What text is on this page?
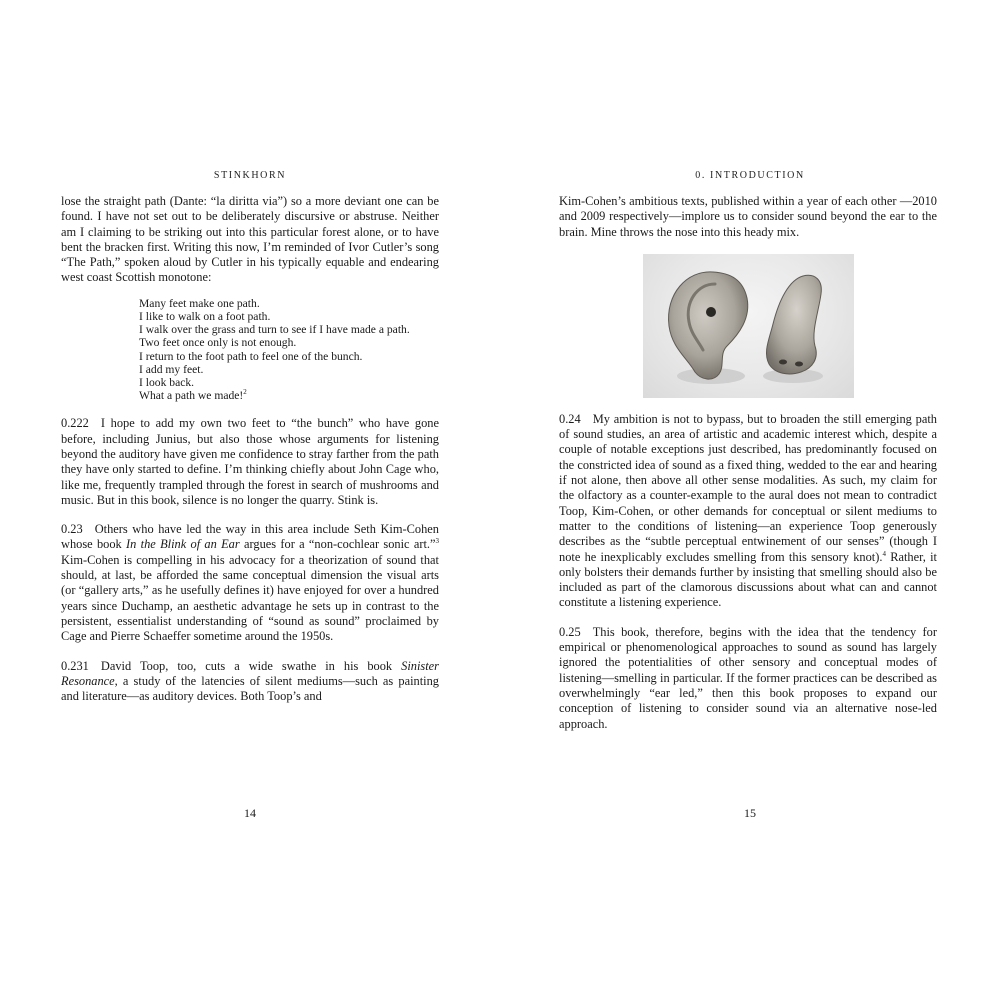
STINKHORN

lose the straight path (Dante: “la diritta via”) so a more deviant one can be found. I have not set out to be deliberately discursive or abstruse. Neither am I claiming to be striking out into this particular forest alone, or to have bent the bracken first. Writing this now, I’m reminded of Ivor Cutler’s song “The Path,” spoken aloud by Cutler in his typically equable and endearing west coast Scottish monotone:

Many feet make one path.
I like to walk on a foot path.
I walk over the grass and turn to see if I have made a path.
Two feet once only is not enough.
I return to the foot path to feel one of the bunch.
I add my feet.
I look back.
What a path we made!$^2$

0.222 I hope to add my own two feet to “the bunch” who have gone before, including Junius, but also those whose arguments for listening beyond the auditory have given me confidence to stray farther from the path they have only started to define. I’m thinking chiefly about John Cage who, like me, frequently trampled through the forest in search of mushrooms and music. But in this book, silence is no longer the quarry. Stink is.

0.23 Others who have led the way in this area include Seth Kim-Cohen whose book In the Blink of an Ear argues for a “non-cochlear sonic art.”$^3$ Kim-Cohen is compelling in his advocacy for a theorization of sound that should, at last, be afforded the same conceptual dimension the visual arts (or “gallery arts,” as he usefully defines it) have enjoyed for over a hundred years since Duchamp, an aesthetic advantage he sets up in contrast to the persistent, essentialist understanding of “sound as sound” proclaimed by Cage and Pierre Schaeffer sometime around the 1950s.

0.231 David Toop, too, cuts a wide swathe in his book Sinister Resonance, a study of the latencies of silent mediums—such as painting and literature—as auditory devices. Both Toop’s and

14
0. INTRODUCTION

Kim-Cohen’s ambitious texts, published within a year of each other —2010 and 2009 respectively—implore us to consider sound beyond the ear to the brain. Mine throws the nose into this heady mix.

0.24 My ambition is not to bypass, but to broaden the still emerging path of sound studies, an area of artistic and academic interest which, despite a couple of notable exceptions just described, has predominantly focused on the constricted idea of sound as a fixed thing, wedded to the ear and hearing if not alone, then above all other sense modalities. As such, my claim for the olfactory as a counter-example to the aural does not mean to contradict Toop, Kim-Cohen, or other demands for conceptual or silent mediums to matter to the conditions of listening—an experience Toop generously describes as the “subtle perceptual entwinement of our senses” (though I note he inexplicably excludes smelling from this sensory knot).$^4$ Rather, it only bolsters their demands further by insisting that smelling should also be included as part of the clamorous discussions about what can and cannot constitute a listening experience.

0.25 This book, therefore, begins with the idea that the tendency for empirical or phenomenological approaches to sound as sound has largely ignored the potentialities of other sensory and conceptual modes of listening—smelling in particular. If the former practices can be described as overwhelmingly “ear led,” then this book proposes to expand our conception of listening to consider sound via an alternative nose-led approach.

15
